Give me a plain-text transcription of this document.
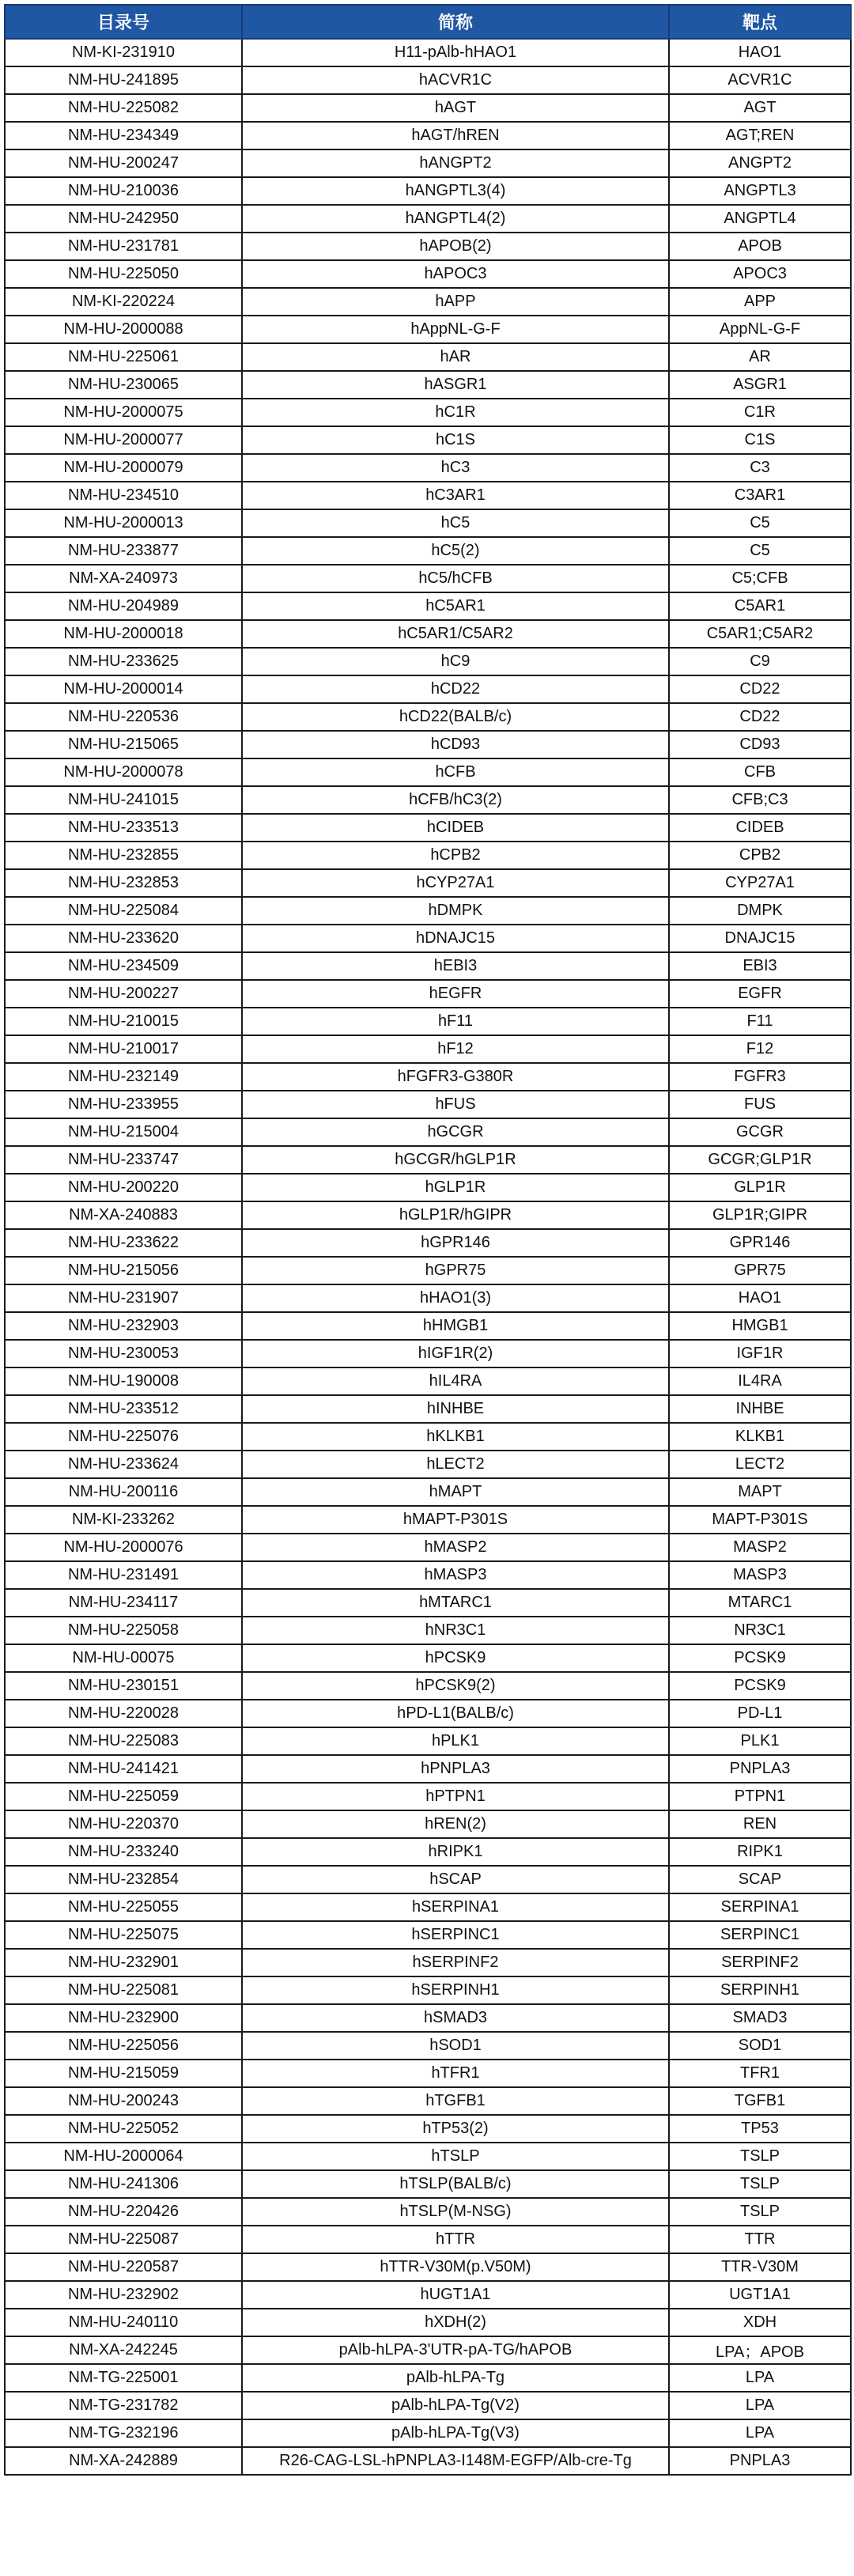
目录号	简称	靶点
NM-KI-231910	H11-pAlb-hHAO1	HAO1
NM-HU-241895	hACVR1C	ACVR1C
NM-HU-225082	hAGT	AGT
NM-HU-234349	hAGT/hREN	AGT;REN
NM-HU-200247	hANGPT2	ANGPT2
NM-HU-210036	hANGPTL3(4)	ANGPTL3
NM-HU-242950	hANGPTL4(2)	ANGPTL4
NM-HU-231781	hAPOB(2)	APOB
NM-HU-225050	hAPOC3	APOC3
NM-KI-220224	hAPP	APP
NM-HU-2000088	hAppNL-G-F	AppNL-G-F
NM-HU-225061	hAR	AR
NM-HU-230065	hASGR1	ASGR1
NM-HU-2000075	hC1R	C1R
NM-HU-2000077	hC1S	C1S
NM-HU-2000079	hC3	C3
NM-HU-234510	hC3AR1	C3AR1
NM-HU-2000013	hC5	C5
NM-HU-233877	hC5(2)	C5
NM-XA-240973	hC5/hCFB	C5;CFB
NM-HU-204989	hC5AR1	C5AR1
NM-HU-2000018	hC5AR1/C5AR2	C5AR1;C5AR2
NM-HU-233625	hC9	C9
NM-HU-2000014	hCD22	CD22
NM-HU-220536	hCD22(BALB/c)	CD22
NM-HU-215065	hCD93	CD93
NM-HU-2000078	hCFB	CFB
NM-HU-241015	hCFB/hC3(2)	CFB;C3
NM-HU-233513	hCIDEB	CIDEB
NM-HU-232855	hCPB2	CPB2
NM-HU-232853	hCYP27A1	CYP27A1
NM-HU-225084	hDMPK	DMPK
NM-HU-233620	hDNAJC15	DNAJC15
NM-HU-234509	hEBI3	EBI3
NM-HU-200227	hEGFR	EGFR
NM-HU-210015	hF11	F11
NM-HU-210017	hF12	F12
NM-HU-232149	hFGFR3-G380R	FGFR3
NM-HU-233955	hFUS	FUS
NM-HU-215004	hGCGR	GCGR
NM-HU-233747	hGCGR/hGLP1R	GCGR;GLP1R
NM-HU-200220	hGLP1R	GLP1R
NM-XA-240883	hGLP1R/hGIPR	GLP1R;GIPR
NM-HU-233622	hGPR146	GPR146
NM-HU-215056	hGPR75	GPR75
NM-HU-231907	hHAO1(3)	HAO1
NM-HU-232903	hHMGB1	HMGB1
NM-HU-230053	hIGF1R(2)	IGF1R
NM-HU-190008	hIL4RA	IL4RA
NM-HU-233512	hINHBE	INHBE
NM-HU-225076	hKLKB1	KLKB1
NM-HU-233624	hLECT2	LECT2
NM-HU-200116	hMAPT	MAPT
NM-KI-233262	hMAPT-P301S	MAPT-P301S
NM-HU-2000076	hMASP2	MASP2
NM-HU-231491	hMASP3	MASP3
NM-HU-234117	hMTARC1	MTARC1
NM-HU-225058	hNR3C1	NR3C1
NM-HU-00075	hPCSK9	PCSK9
NM-HU-230151	hPCSK9(2)	PCSK9
NM-HU-220028	hPD-L1(BALB/c)	PD-L1
NM-HU-225083	hPLK1	PLK1
NM-HU-241421	hPNPLA3	PNPLA3
NM-HU-225059	hPTPN1	PTPN1
NM-HU-220370	hREN(2)	REN
NM-HU-233240	hRIPK1	RIPK1
NM-HU-232854	hSCAP	SCAP
NM-HU-225055	hSERPINA1	SERPINA1
NM-HU-225075	hSERPINC1	SERPINC1
NM-HU-232901	hSERPINF2	SERPINF2
NM-HU-225081	hSERPINH1	SERPINH1
NM-HU-232900	hSMAD3	SMAD3
NM-HU-225056	hSOD1	SOD1
NM-HU-215059	hTFR1	TFR1
NM-HU-200243	hTGFB1	TGFB1
NM-HU-225052	hTP53(2)	TP53
NM-HU-2000064	hTSLP	TSLP
NM-HU-241306	hTSLP(BALB/c)	TSLP
NM-HU-220426	hTSLP(M-NSG)	TSLP
NM-HU-225087	hTTR	TTR
NM-HU-220587	hTTR-V30M(p.V50M)	TTR-V30M
NM-HU-232902	hUGT1A1	UGT1A1
NM-HU-240110	hXDH(2)	XDH
NM-XA-242245	pAlb-hLPA-3'UTR-pA-TG/hAPOB	LPA；APOB
NM-TG-225001	pAlb-hLPA-Tg	LPA
NM-TG-231782	pAlb-hLPA-Tg(V2)	LPA
NM-TG-232196	pAlb-hLPA-Tg(V3)	LPA
NM-XA-242889	R26-CAG-LSL-hPNPLA3-I148M-EGFP/Alb-cre-Tg	PNPLA3
